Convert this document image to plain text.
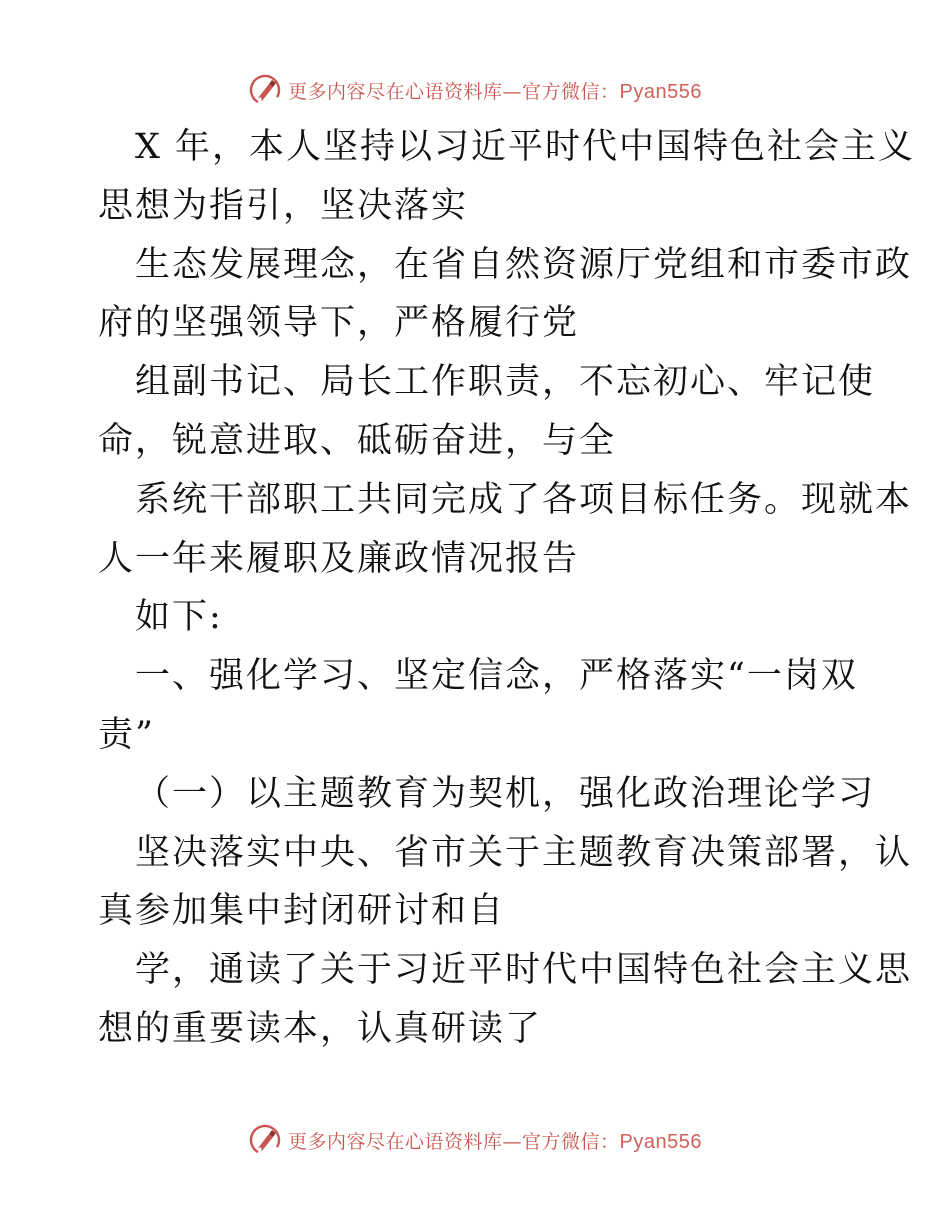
更多内容尽在心语资料库—官方微信：Pyan556
X 年，本人坚持以习近平时代中国特色社会主义
思想为指引，坚决落实
生态发展理念，在省自然资源厅党组和市委市政
府的坚强领导下，严格履行党
组副书记、局长工作职责，不忘初心、牢记使
命，锐意进取、砥砺奋进，与全
系统干部职工共同完成了各项目标任务。现就本
人一年来履职及廉政情况报告
如下:
一、强化学习、坚定信念，严格落实“一岗双
责”
（一）以主题教育为契机，强化政治理论学习
坚决落实中央、省市关于主题教育决策部署，认
真参加集中封闭研讨和自
学，通读了关于习近平时代中国特色社会主义思
想的重要读本，认真研读了
更多内容尽在心语资料库—官方微信：Pyan556
